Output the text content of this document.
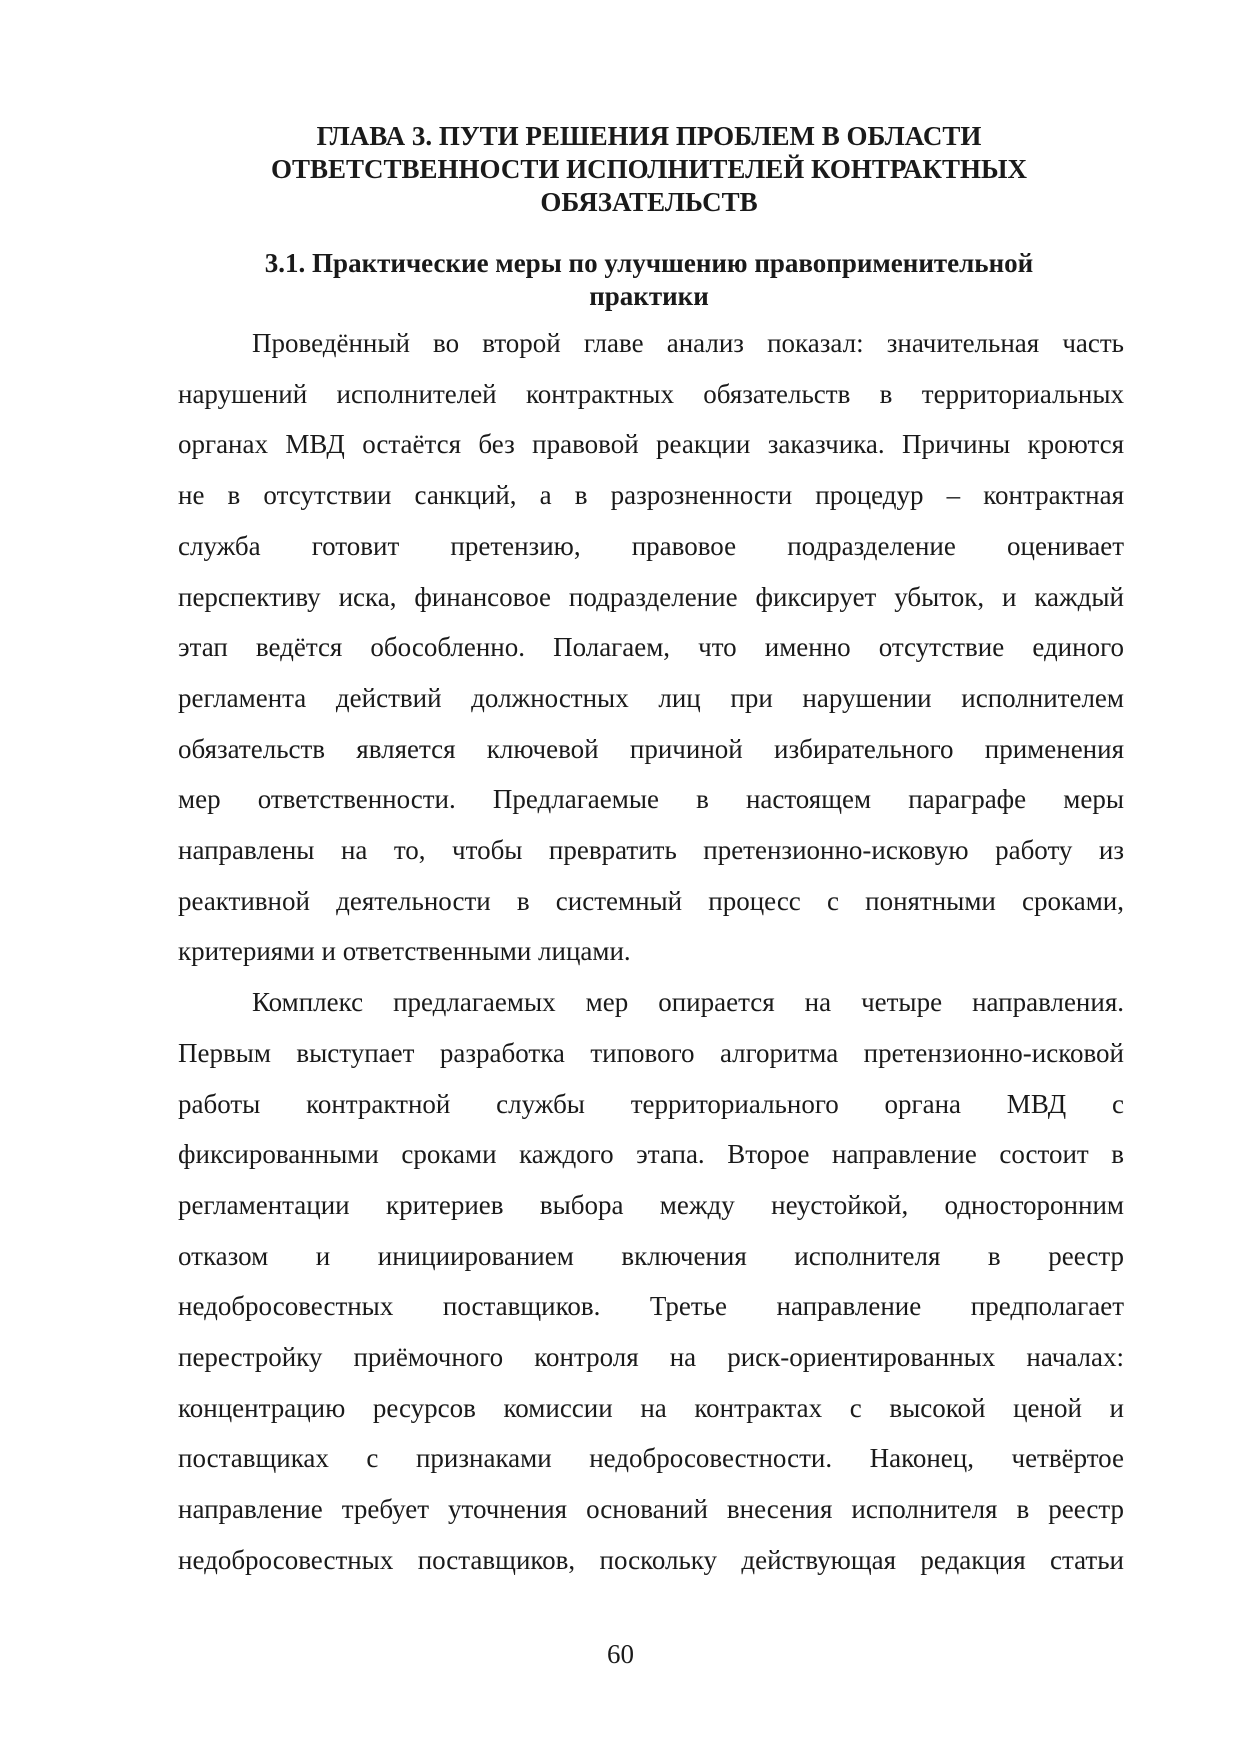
ГЛАВА 3. ПУТИ РЕШЕНИЯ ПРОБЛЕМ В ОБЛАСТИ
ОТВЕТСТВЕННОСТИ ИСПОЛНИТЕЛЕЙ КОНТРАКТНЫХ
ОБЯЗАТЕЛЬСТВ
3.1. Практические меры по улучшению правоприменительной
практики

Проведённый во второй главе анализ показал: значительная часть
нарушений исполнителей контрактных обязательств в территориальных
органах МВД остаётся без правовой реакции заказчика. Причины кроются
не в отсутствии санкций, а в разрозненности процедур – контрактная
служба готовит претензию, правовое подразделение оценивает
перспективу иска, финансовое подразделение фиксирует убыток, и каждый
этап ведётся обособленно. Полагаем, что именно отсутствие единого
регламента действий должностных лиц при нарушении исполнителем
обязательств является ключевой причиной избирательного применения
мер ответственности. Предлагаемые в настоящем параграфе меры
направлены на то, чтобы превратить претензионно-исковую работу из
реактивной деятельности в системный процесс с понятными сроками,
критериями и ответственными лицами.

Комплекс предлагаемых мер опирается на четыре направления.
Первым выступает разработка типового алгоритма претензионно-исковой
работы контрактной службы территориального органа МВД с
фиксированными сроками каждого этапа. Второе направление состоит в
регламентации критериев выбора между неустойкой, односторонним
отказом и инициированием включения исполнителя в реестр
недобросовестных поставщиков. Третье направление предполагает
перестройку приёмочного контроля на риск-ориентированных началах:
концентрацию ресурсов комиссии на контрактах с высокой ценой и
поставщиках с признаками недобросовестности. Наконец, четвёртое
направление требует уточнения оснований внесения исполнителя в реестр
недобросовестных поставщиков, поскольку действующая редакция статьи

60
